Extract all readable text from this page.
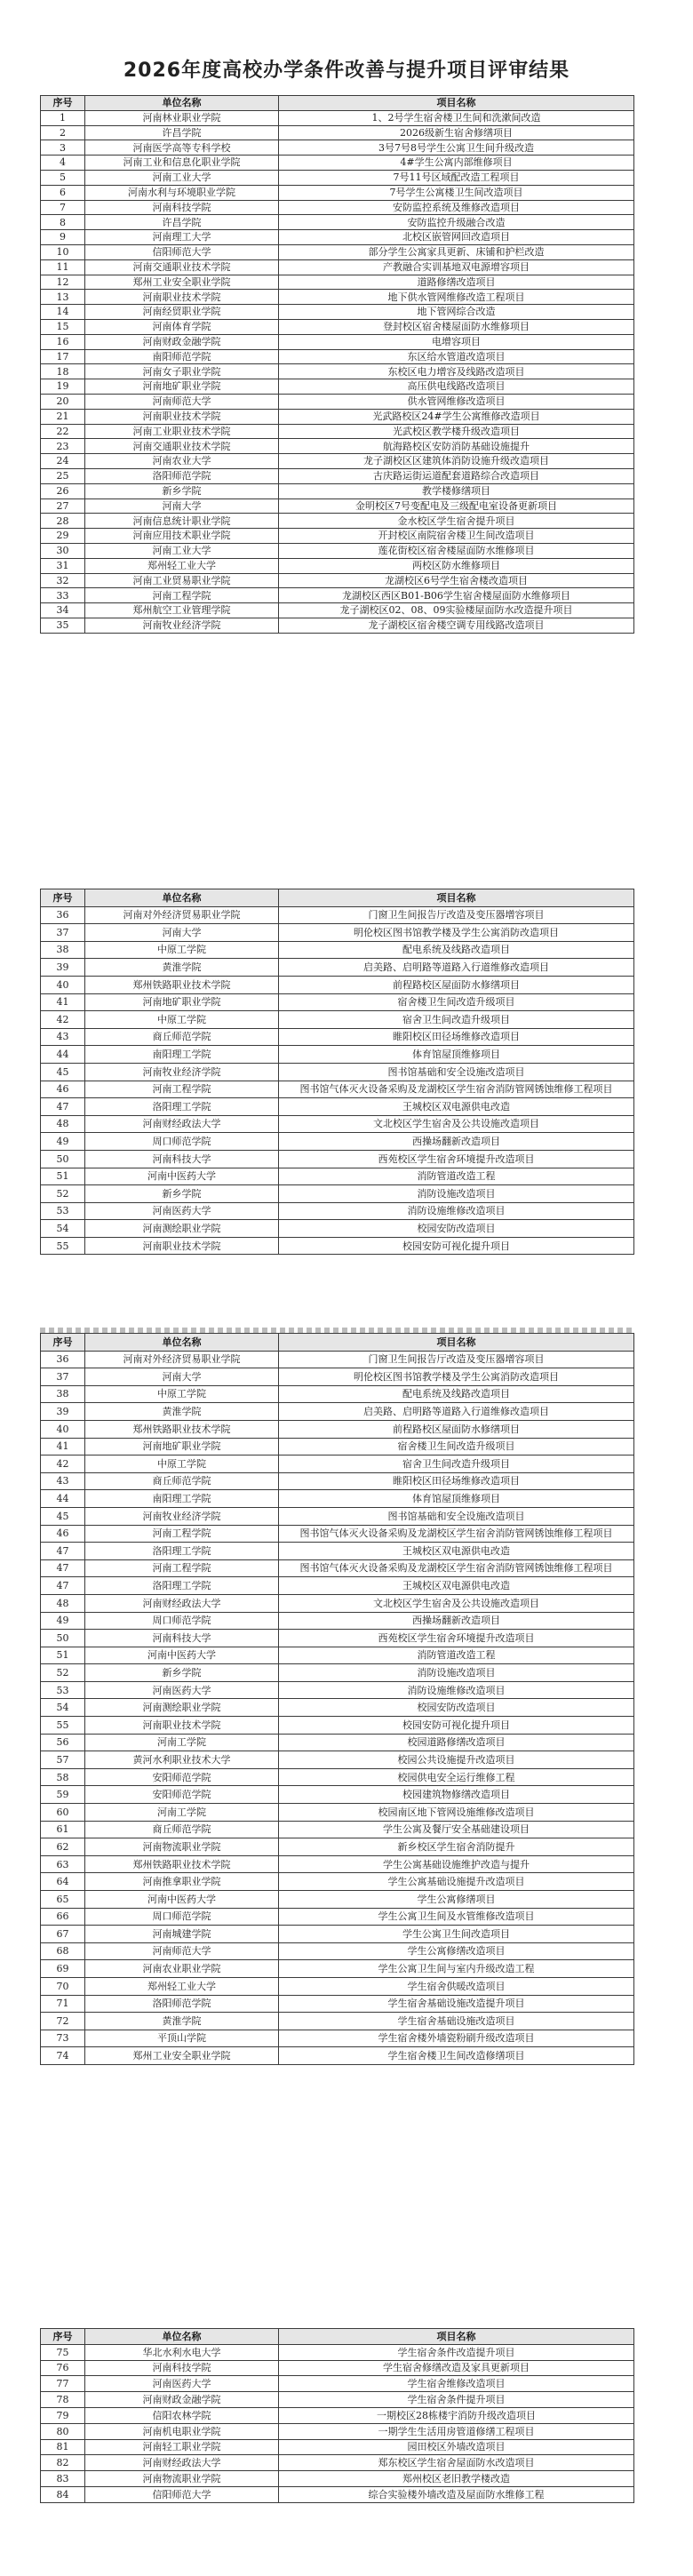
2026年度高校办学条件改善与提升项目评审结果
序号	单位名称	项目名称
1	河南林业职业学院	1、2号学生宿舍楼卫生间和洗漱间改造
2	许昌学院	2026级新生宿舍修缮项目
3	河南医学高等专科学校	3号7号8号学生公寓卫生间升级改造
4	河南工业和信息化职业学院	4#学生公寓内部维修项目
5	河南工业大学	7号11号区域配改造工程项目
6	河南水利与环境职业学院	7号学生公寓楼卫生间改造项目
7	河南科技学院	安防监控系统及维修改造项目
8	许昌学院	安防监控升级融合改造
9	河南理工大学	北校区嵌管网回改造项目
10	信阳师范大学	部分学生公寓家具更新、床铺和护栏改造
11	河南交通职业技术学院	产教融合实训基地双电源增容项目
12	郑州工业安全职业学院	道路修缮改造项目
13	河南职业技术学院	地下供水管网维修改造工程项目
14	河南经贸职业学院	地下管网综合改造
15	河南体育学院	登封校区宿舍楼屋面防水维修项目
16	河南财政金融学院	电增容项目
17	南阳师范学院	东区给水管道改造项目
18	河南女子职业学院	东校区电力增容及线路改造项目
19	河南地矿职业学院	高压供电线路改造项目
20	河南师范大学	供水管网维修改造项目
21	河南职业技术学院	光武路校区24#学生公寓维修改造项目
22	河南工业职业技术学院	光武校区教学楼升级改造项目
23	河南交通职业技术学院	航海路校区安防消防基础设施提升
24	河南农业大学	龙子湖校区区建筑体消防设施升级改造项目
25	洛阳师范学院	古庆路运街运道配套道路综合改造项目
26	新乡学院	教学楼修缮项目
27	河南大学	金明校区7号变配电及三级配电室设备更新项目
28	河南信息统计职业学院	金水校区学生宿舍提升项目
29	河南应用技术职业学院	开封校区南院宿舍楼卫生间改造项目
30	河南工业大学	莲花街校区宿舍楼屋面防水维修项目
31	郑州轻工业大学	两校区防水维修项目
32	河南工业贸易职业学院	龙湖校区6号学生宿舍楼改造项目
33	河南工程学院	龙湖校区西区B01-B06学生宿舍楼屋面防水维修项目
34	郑州航空工业管理学院	龙子湖校区02、08、09实验楼屋面防水改造提升项目
35	河南牧业经济学院	龙子湖校区宿舍楼空调专用线路改造项目
序号	单位名称	项目名称
36	河南对外经济贸易职业学院	门窗卫生间报告厅改造及变压器增容项目
37	河南大学	明伦校区图书馆教学楼及学生公寓消防改造项目
38	中原工学院	配电系统及线路改造项目
39	黄淮学院	启美路、启明路等道路入行道维修改造项目
40	郑州铁路职业技术学院	前程路校区屋面防水修缮项目
41	河南地矿职业学院	宿舍楼卫生间改造升级项目
42	中原工学院	宿舍卫生间改造升级项目
43	商丘师范学院	睢阳校区田径场维修改造项目
44	南阳理工学院	体育馆屋顶维修项目
45	河南牧业经济学院	图书馆基础和安全设施改造项目
46	河南工程学院	图书馆气体灭火设备采购及龙湖校区学生宿舍消防管网锈蚀维修工程项目
47	洛阳理工学院	王城校区双电源供电改造
48	河南财经政法大学	文北校区学生宿舍及公共设施改造项目
49	周口师范学院	西操场翻新改造项目
50	河南科技大学	西苑校区学生宿舍环境提升改造项目
51	河南中医药大学	消防管道改造工程
52	新乡学院	消防设施改造项目
53	河南医药大学	消防设施维修改造项目
54	河南测绘职业学院	校园安防改造项目
55	河南职业技术学院	校园安防可视化提升项目
序号	单位名称	项目名称
36	河南对外经济贸易职业学院	门窗卫生间报告厅改造及变压器增容项目
37	河南大学	明伦校区图书馆教学楼及学生公寓消防改造项目
38	中原工学院	配电系统及线路改造项目
39	黄淮学院	启美路、启明路等道路入行道维修改造项目
40	郑州铁路职业技术学院	前程路校区屋面防水修缮项目
41	河南地矿职业学院	宿舍楼卫生间改造升级项目
42	中原工学院	宿舍卫生间改造升级项目
43	商丘师范学院	睢阳校区田径场维修改造项目
44	南阳理工学院	体育馆屋顶维修项目
45	河南牧业经济学院	图书馆基础和安全设施改造项目
46	河南工程学院	图书馆气体灭火设备采购及龙湖校区学生宿舍消防管网锈蚀维修工程项目
47	洛阳理工学院	王城校区双电源供电改造
47	河南工程学院	图书馆气体灭火设备采购及龙湖校区学生宿舍消防管网锈蚀维修工程项目
47	洛阳理工学院	王城校区双电源供电改造
48	河南财经政法大学	文北校区学生宿舍及公共设施改造项目
49	周口师范学院	西操场翻新改造项目
50	河南科技大学	西苑校区学生宿舍环境提升改造项目
51	河南中医药大学	消防管道改造工程
52	新乡学院	消防设施改造项目
53	河南医药大学	消防设施维修改造项目
54	河南测绘职业学院	校园安防改造项目
55	河南职业技术学院	校园安防可视化提升项目
56	河南工学院	校园道路修缮改造项目
57	黄河水利职业技术大学	校园公共设施提升改造项目
58	安阳师范学院	校园供电安全运行维修工程
59	安阳师范学院	校园建筑物修缮改造项目
60	河南工学院	校园南区地下管网设施维修改造项目
61	商丘师范学院	学生公寓及餐厅安全基础建设项目
62	河南物流职业学院	新乡校区学生宿舍消防提升
63	郑州铁路职业技术学院	学生公寓基础设施维护改造与提升
64	河南推拿职业学院	学生公寓基础设施提升改造项目
65	河南中医药大学	学生公寓修缮项目
66	周口师范学院	学生公寓卫生间及水管维修改造项目
67	河南城建学院	学生公寓卫生间改造项目
68	河南师范大学	学生公寓修缮改造项目
69	河南农业职业学院	学生公寓卫生间与室内升级改造工程
70	郑州轻工业大学	学生宿舍供暖改造项目
71	洛阳师范学院	学生宿舍基础设施改造提升项目
72	黄淮学院	学生宿舍基础设施改造项目
73	平顶山学院	学生宿舍楼外墙瓷粉刷升级改造项目
74	郑州工业安全职业学院	学生宿舍楼卫生间改造修缮项目
序号	单位名称	项目名称
75	华北水利水电大学	学生宿舍条件改造提升项目
76	河南科技学院	学生宿舍修缮改造及家具更新项目
77	河南医药大学	学生宿舍维修改造项目
78	河南财政金融学院	学生宿舍条件提升项目
79	信阳农林学院	一期校区28栋楼宇消防升级改造项目
80	河南机电职业学院	一期学生生活用房管道修缮工程项目
81	河南轻工职业学院	园田校区外墙改造项目
82	河南财经政法大学	郑东校区学生宿舍屋面防水改造项目
83	河南物流职业学院	郑州校区老旧教学楼改造
84	信阳师范大学	综合实验楼外墙改造及屋面防水维修工程
